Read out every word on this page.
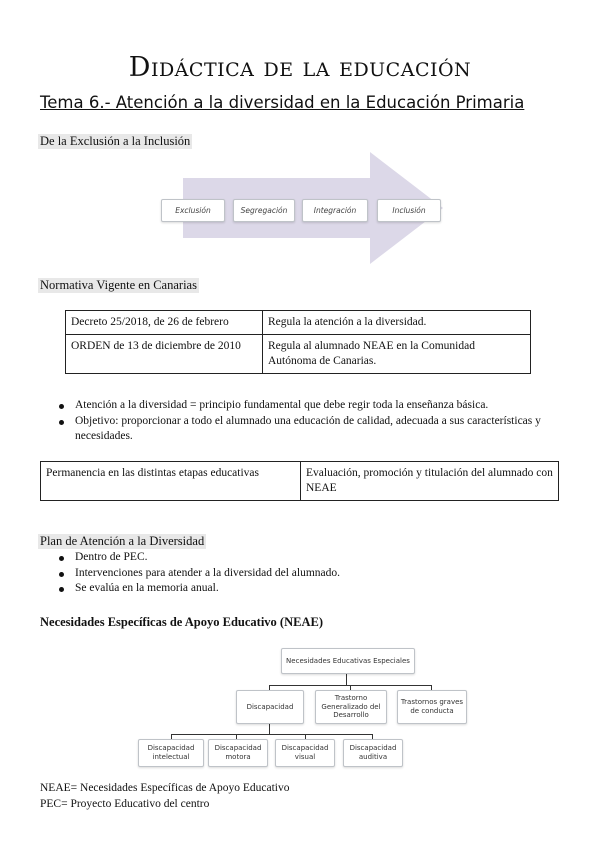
Didáctica de la educación
Tema 6.- Atención a la diversidad en la Educación Primaria
De la Exclusión a la Inclusión
Exclusión	Segregación	Integración	Inclusión
Normativa Vigente en Canarias
Decreto 25/2018, de 26 de febrero	Regula la atención a la diversidad.
ORDEN de 13 de diciembre de 2010	Regula al alumnado NEAE en la Comunidad Autónoma de Canarias.
Atención a la diversidad = principio fundamental que debe regir toda la enseñanza básica.
Objetivo: proporcionar a todo el alumnado una educación de calidad, adecuada a sus características y necesidades.
Permanencia en las distintas etapas educativas	Evaluación, promoción y titulación del alumnado con NEAE
Plan de Atención a la Diversidad
Dentro de PEC.
Intervenciones para atender a la diversidad del alumnado.
Se evalúa en la memoria anual.
Necesidades Específicas de Apoyo Educativo (NEAE)
Necesidades Educativas Especiales
Discapacidad
Trastorno Generalizado del Desarrollo
Trastornos graves de conducta
Discapacidad intelectual
Discapacidad motora
Discapacidad visual
Discapacidad auditiva
NEAE= Necesidades Específicas de Apoyo Educativo
PEC= Proyecto Educativo del centro
